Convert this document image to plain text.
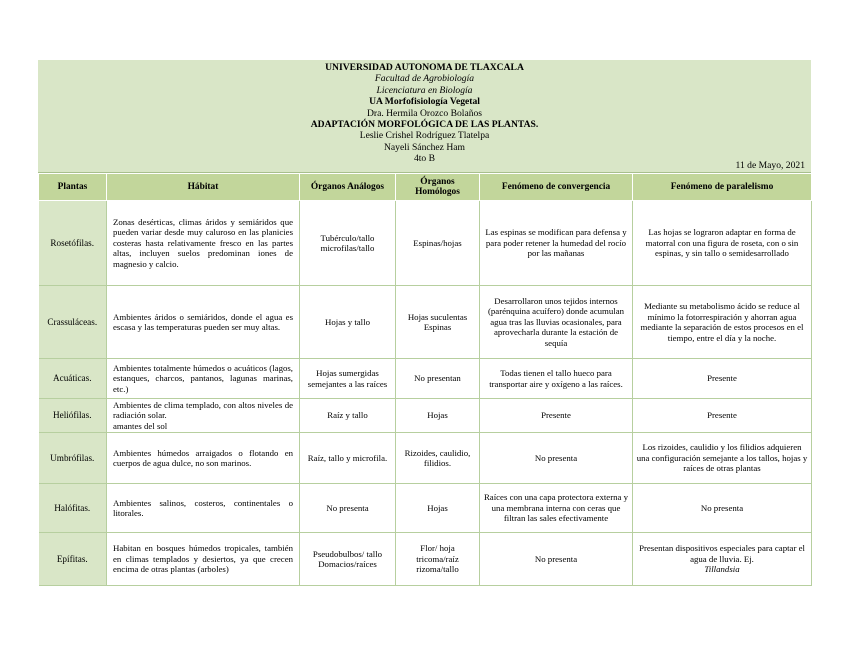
UNIVERSIDAD AUTONOMA DE TLAXCALA
Facultad de Agrobiología
Licenciatura en Biología
UA Morfofisiología Vegetal
Dra. Hermila Orozco Bolaños
ADAPTACIÓN MORFOLÓGICA DE LAS PLANTAS.
Leslie Crishel Rodríguez Tlatelpa
Nayeli Sánchez Ham
4to B
11 de Mayo, 2021
Plantas	Hábitat	Órganos Análogos	Órganos Homólogos	Fenómeno de convergencia	Fenómeno de paralelismo
Rosetófilas.	Zonas desérticas, climas áridos y semiáridos que pueden variar desde muy caluroso en las planicies costeras hasta relativamente fresco en las partes altas, incluyen suelos predominan iones de magnesio y calcio.	Tubérculo/tallo microfilas/tallo	Espinas/hojas	Las espinas se modifican para defensa y para poder retener la humedad del rocío por las mañanas	Las hojas se lograron adaptar en forma de matorral con una figura de roseta, con o sin espinas, y sin tallo o semidesarrollado
Crassuláceas.	Ambientes áridos o semiáridos, donde el agua es escasa y las temperaturas pueden ser muy altas.	Hojas y tallo	Hojas suculentas Espinas	Desarrollaron unos tejidos internos (parénquina acuífero) donde acumulan agua tras las lluvias ocasionales, para aprovecharla durante la estación de sequía	Mediante su metabolismo ácido se reduce al mínimo la fotorrespiración y ahorran agua mediante la separación de estos procesos en el tiempo, entre el día y la noche.
Acuáticas.	Ambientes totalmente húmedos o acuáticos (lagos, estanques, charcos, pantanos, lagunas marinas, etc.)	Hojas sumergidas semejantes a las raíces	No presentan	Todas tienen el tallo hueco para transportar aire y oxígeno a las raíces.	Presente
Heliófilas.	Ambientes de clima templado, con altos niveles de radiación solar.
amantes del sol	Raíz y tallo	Hojas	Presente	Presente
Umbrófilas.	Ambientes húmedos arraigados o flotando en cuerpos de agua dulce, no son marinos.	Raíz, tallo y microfila.	Rizoides, caulidio, filidios.	No presenta	Los rizoides, caulidio y los filidios adquieren una configuración semejante a los tallos, hojas y raíces de otras plantas
Halófitas.	Ambientes salinos, costeros, continentales o litorales.	No presenta	Hojas	Raíces con una capa protectora externa y una membrana interna con ceras que filtran las sales efectivamente	No presenta
Epífitas.	Habitan en bosques húmedos tropicales, también en climas templados y desiertos, ya que crecen encima de otras plantas (arboles)	Pseudobulbos/ tallo Domacios/raíces	Flor/ hoja tricoma/raíz rizoma/tallo	No presenta	Presentan dispositivos especiales para captar el agua de lluvia. Ej.
Tillandsia
